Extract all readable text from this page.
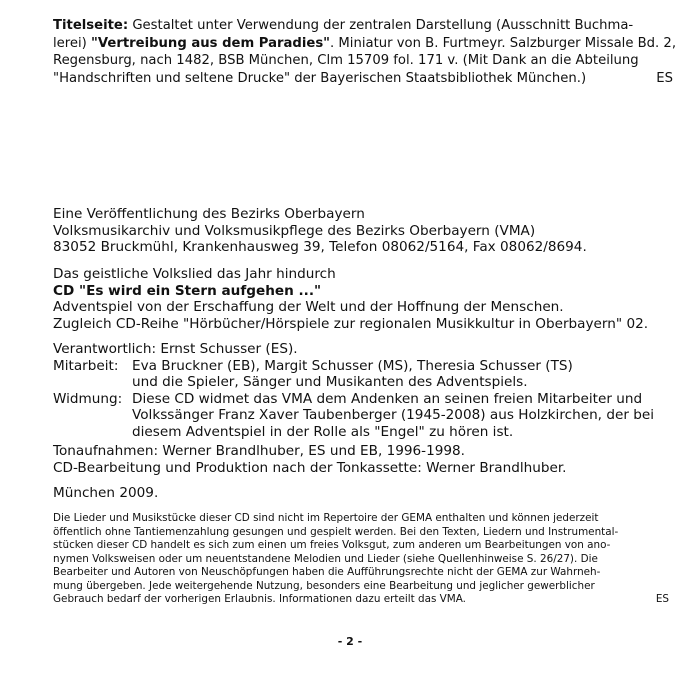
Titelseite: Gestaltet unter Verwendung der zentralen Darstellung (Ausschnitt Buchma-
lerei) "Vertreibung aus dem Paradies". Miniatur von B. Furtmeyr. Salzburger Missale Bd. 2,
Regensburg, nach 1482, BSB München, Clm 15709 fol. 171 v. (Mit Dank an die Abteilung
"Handschriften und seltene Drucke" der Bayerischen Staatsbibliothek München.)	ES
Eine Veröffentlichung des Bezirks Oberbayern
Volksmusikarchiv und Volksmusikpflege des Bezirks Oberbayern (VMA)
83052 Bruckmühl, Krankenhausweg 39, Telefon 08062/5164, Fax 08062/8694.
Das geistliche Volkslied das Jahr hindurch
CD "Es wird ein Stern aufgehen ..."
Adventspiel von der Erschaffung der Welt und der Hoffnung der Menschen.
Zugleich CD-Reihe "Hörbücher/Hörspiele zur regionalen Musikkultur in Oberbayern" 02.
Verantwortlich: Ernst Schusser (ES).
Mitarbeit: Eva Bruckner (EB), Margit Schusser (MS), Theresia Schusser (TS)
und die Spieler, Sänger und Musikanten des Adventspiels.
Widmung: Diese CD widmet das VMA dem Andenken an seinen freien Mitarbeiter und
Volkssänger Franz Xaver Taubenberger (1945-2008) aus Holzkirchen, der bei
diesem Adventspiel in der Rolle als "Engel" zu hören ist.
Tonaufnahmen: Werner Brandlhuber, ES und EB, 1996-1998.
CD-Bearbeitung und Produktion nach der Tonkassette: Werner Brandlhuber.
München 2009.
Die Lieder und Musikstücke dieser CD sind nicht im Repertoire der GEMA enthalten und können jederzeit
öffentlich ohne Tantiemenzahlung gesungen und gespielt werden. Bei den Texten, Liedern und Instrumental-
stücken dieser CD handelt es sich zum einen um freies Volksgut, zum anderen um Bearbeitungen von ano-
nymen Volksweisen oder um neuentstandene Melodien und Lieder (siehe Quellenhinweise S. 26/27). Die
Bearbeiter und Autoren von Neuschöpfungen haben die Aufführungsrechte nicht der GEMA zur Wahrneh-
mung übergeben. Jede weitergehende Nutzung, besonders eine Bearbeitung und jeglicher gewerblicher
Gebrauch bedarf der vorherigen Erlaubnis. Informationen dazu erteilt das VMA.	ES
- 2 -
